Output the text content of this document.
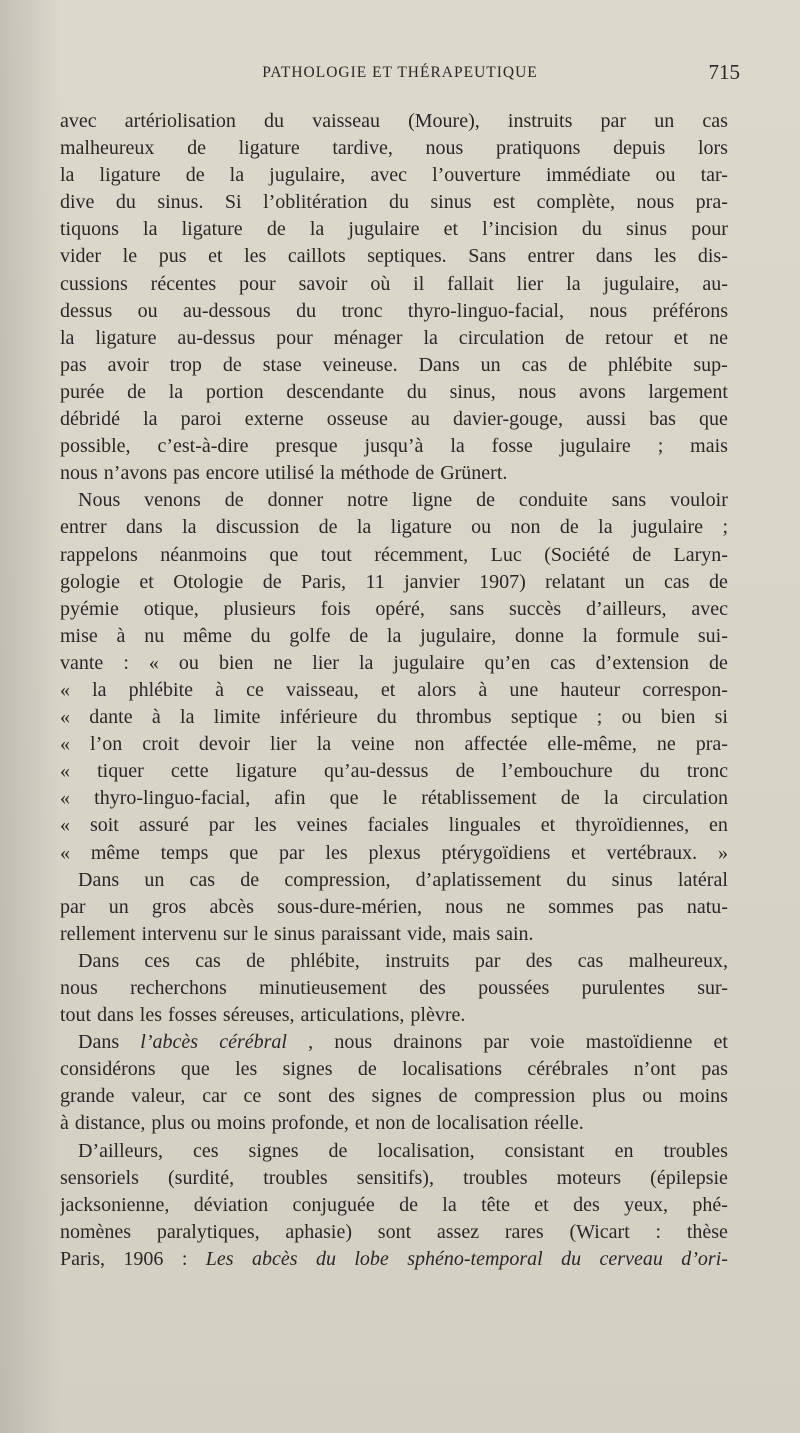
PATHOLOGIE ET THÉRAPEUTIQUE	715
avec artériolisation du vaisseau (Moure), instruits par un cas
malheureux de ligature tardive, nous pratiquons depuis lors
la ligature de la jugulaire, avec l’ouverture immédiate ou tar-
dive du sinus. Si l’oblitération du sinus est complète, nous pra-
tiquons la ligature de la jugulaire et l’incision du sinus pour
vider le pus et les caillots septiques. Sans entrer dans les dis-
cussions récentes pour savoir où il fallait lier la jugulaire, au-
dessus ou au-dessous du tronc thyro-linguo-facial, nous préférons
la ligature au-dessus pour ménager la circulation de retour et ne
pas avoir trop de stase veineuse. Dans un cas de phlébite sup-
purée de la portion descendante du sinus, nous avons largement
débridé la paroi externe osseuse au davier-gouge, aussi bas que
possible, c’est-à-dire presque jusqu’à la fosse jugulaire ; mais
nous n’avons pas encore utilisé la méthode de Grünert.
Nous venons de donner notre ligne de conduite sans vouloir
entrer dans la discussion de la ligature ou non de la jugulaire ;
rappelons néanmoins que tout récemment, Luc (Société de Laryn-
gologie et Otologie de Paris, 11 janvier 1907) relatant un cas de
pyémie otique, plusieurs fois opéré, sans succès d’ailleurs, avec
mise à nu même du golfe de la jugulaire, donne la formule sui-
vante : « ou bien ne lier la jugulaire qu’en cas d’extension de
« la phlébite à ce vaisseau, et alors à une hauteur correspon-
« dante à la limite inférieure du thrombus septique ; ou bien si
« l’on croit devoir lier la veine non affectée elle-même, ne pra-
« tiquer cette ligature qu’au-dessus de l’embouchure du tronc
« thyro-linguo-facial, afin que le rétablissement de la circulation
« soit assuré par les veines faciales linguales et thyroïdiennes, en
« même temps que par les plexus ptérygoïdiens et vertébraux. »
Dans un cas de compression, d’aplatissement du sinus latéral
par un gros abcès sous-dure-mérien, nous ne sommes pas natu-
rellement intervenu sur le sinus paraissant vide, mais sain.
Dans ces cas de phlébite, instruits par des cas malheureux,
nous recherchons minutieusement des poussées purulentes sur-
tout dans les fosses séreuses, articulations, plèvre.
Dans l’abcès cérébral , nous drainons par voie mastoïdienne et
considérons que les signes de localisations cérébrales n’ont pas
grande valeur, car ce sont des signes de compression plus ou moins
à distance, plus ou moins profonde, et non de localisation réelle.
D’ailleurs, ces signes de localisation, consistant en troubles
sensoriels (surdité, troubles sensitifs), troubles moteurs (épilepsie
jacksonienne, déviation conjuguée de la tête et des yeux, phé-
nomènes paralytiques, aphasie) sont assez rares (Wicart : thèse
Paris, 1906 : Les abcès du lobe sphéno-temporal du cerveau d’ori-
